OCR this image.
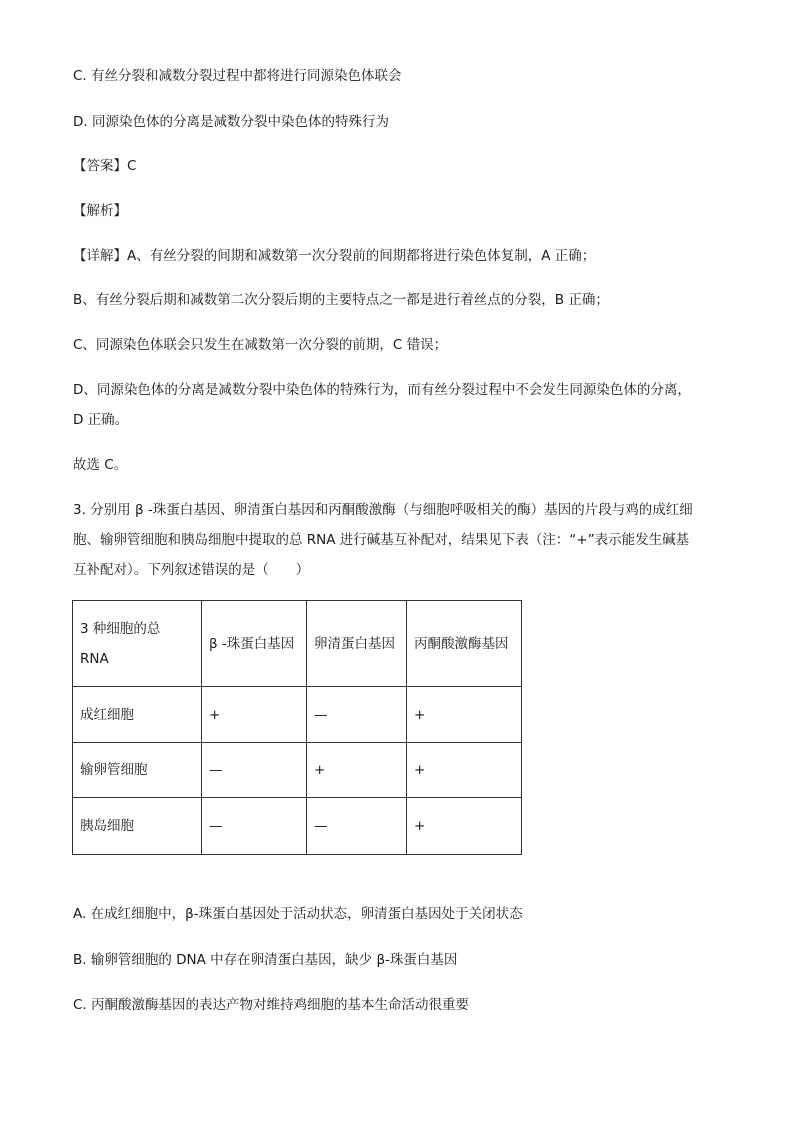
C. 有丝分裂和减数分裂过程中都将进行同源染色体联会
D. 同源染色体的分离是减数分裂中染色体的特殊行为
【答案】C
【解析】
【详解】A、有丝分裂的间期和减数第一次分裂前的间期都将进行染色体复制，A 正确；
B、有丝分裂后期和减数第二次分裂后期的主要特点之一都是进行着丝点的分裂，B 正确；
C、同源染色体联会只发生在减数第一次分裂的前期，C 错误；
D、同源染色体的分离是减数分裂中染色体的特殊行为，而有丝分裂过程中不会发生同源染色体的分离，
D 正确。
故选 C。
3. 分别用 β -珠蛋白基因、卵清蛋白基因和丙酮酸激酶（与细胞呼吸相关的酶）基因的片段与鸡的成红细
胞、输卵管细胞和胰岛细胞中提取的总 RNA 进行碱基互补配对，结果见下表（注：“+”表示能发生碱基
互补配对）。下列叙述错误的是（　　）
3 种细胞的总
RNA	β -珠蛋白基因	卵清蛋白基因	丙酮酸激酶基因
成红细胞	+	—	+
输卵管细胞	—	+	+
胰岛细胞	—	—	+
A. 在成红细胞中，β-珠蛋白基因处于活动状态，卵清蛋白基因处于关闭状态
B. 输卵管细胞的 DNA 中存在卵清蛋白基因，缺少 β-珠蛋白基因
C. 丙酮酸激酶基因的表达产物对维持鸡细胞的基本生命活动很重要
